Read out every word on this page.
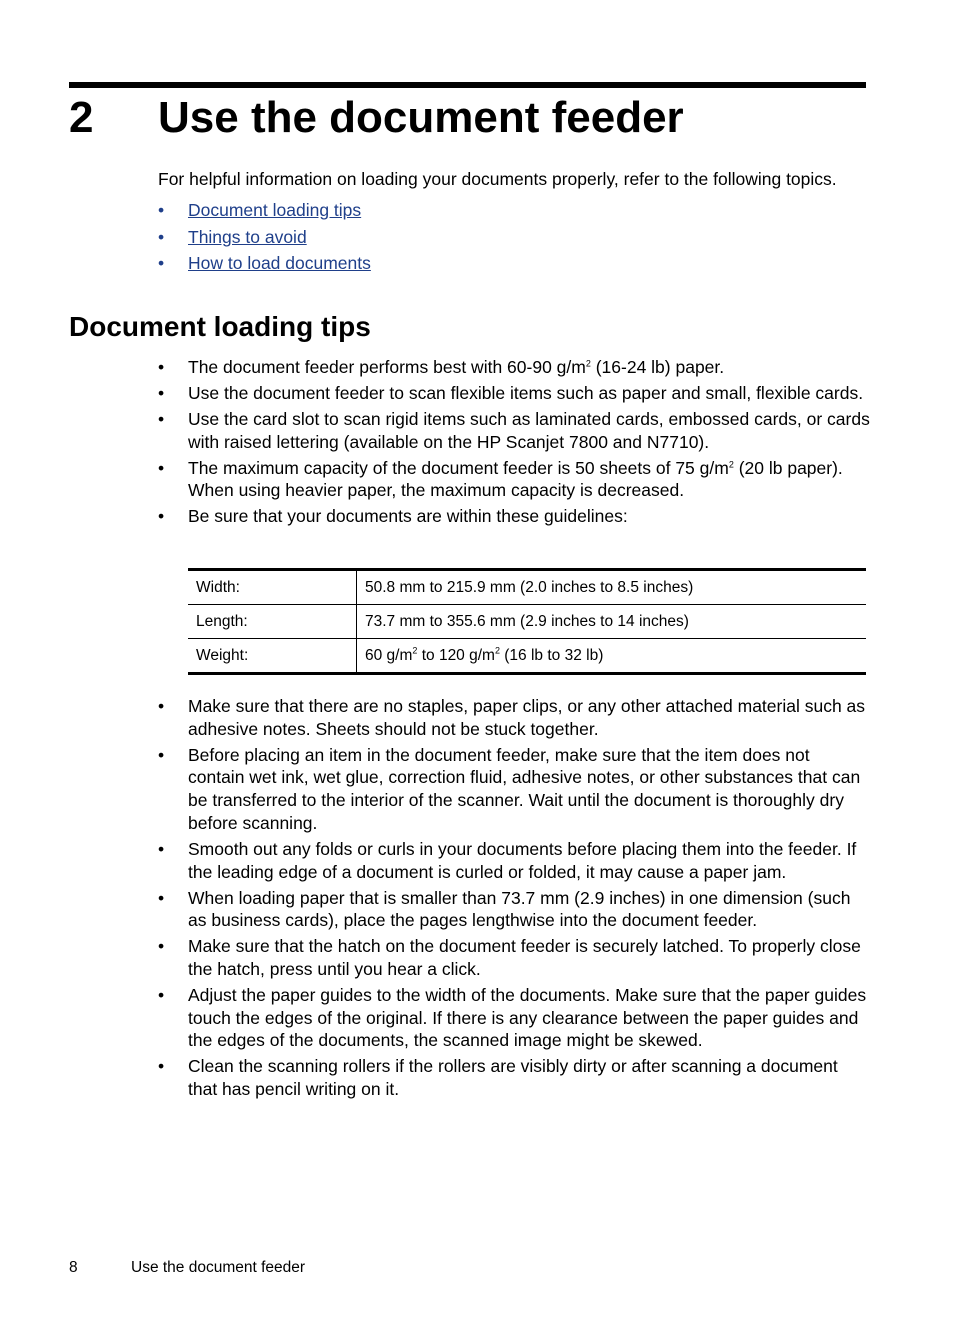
2 Use the document feeder
For helpful information on loading your documents properly, refer to the following topics.
• Document loading tips
• Things to avoid
• How to load documents
Document loading tips
• The document feeder performs best with 60-90 $g/m^2$ (16-24 lb) paper.
• Use the document feeder to scan flexible items such as paper and small, flexible cards.
• Use the card slot to scan rigid items such as laminated cards, embossed cards, or cards with raised lettering (available on the HP Scanjet 7800 and N7710).
• The maximum capacity of the document feeder is 50 sheets of 75 $g/m^2$ (20 lb paper). When using heavier paper, the maximum capacity is decreased.
• Be sure that your documents are within these guidelines:
Width:	50.8 mm to 215.9 mm (2.0 inches to 8.5 inches)
Length:	73.7 mm to 355.6 mm (2.9 inches to 14 inches)
Weight:	60 $g/m^2$ to 120 $g/m^2$ (16 lb to 32 lb)
• Make sure that there are no staples, paper clips, or any other attached material such as adhesive notes. Sheets should not be stuck together.
• Before placing an item in the document feeder, make sure that the item does not contain wet ink, wet glue, correction fluid, adhesive notes, or other substances that can be transferred to the interior of the scanner. Wait until the document is thoroughly dry before scanning.
• Smooth out any folds or curls in your documents before placing them into the feeder. If the leading edge of a document is curled or folded, it may cause a paper jam.
• When loading paper that is smaller than 73.7 mm (2.9 inches) in one dimension (such as business cards), place the pages lengthwise into the document feeder.
• Make sure that the hatch on the document feeder is securely latched. To properly close the hatch, press until you hear a click.
• Adjust the paper guides to the width of the documents. Make sure that the paper guides touch the edges of the original. If there is any clearance between the paper guides and the edges of the documents, the scanned image might be skewed.
• Clean the scanning rollers if the rollers are visibly dirty or after scanning a document that has pencil writing on it.
8	Use the document feeder
